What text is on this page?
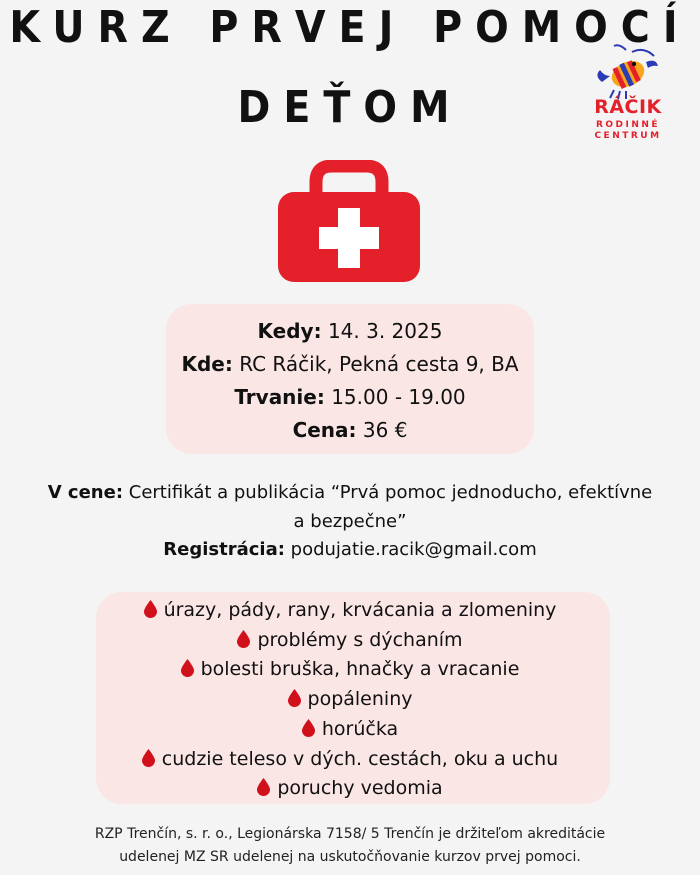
KURZ PRVEJ POMOCÍ
DEŤOM	RÁČIK
RODINNÉ
CENTRUM
Kedy: 14. 3. 2025
Kde: RC Ráčik, Pekná cesta 9, BA
Trvanie: 15.00 - 19.00
Cena: 36 €
V cene: Certifikát a publikácia “Prvá pomoc jednoducho, efektívne
a bezpečne”
Registrácia: podujatie.racik@gmail.com
úrazy, pády, rany, krvácania a zlomeniny
problémy s dýchaním
bolesti bruška, hnačky a vracanie
popáleniny
horúčka
cudzie teleso v dých. cestách, oku a uchu
poruchy vedomia
RZP Trenčín, s. r. o., Legionárska 7158/ 5 Trenčín je držiteľom akreditácie
udelenej MZ SR udelenej na uskutočňovanie kurzov prvej pomoci.
